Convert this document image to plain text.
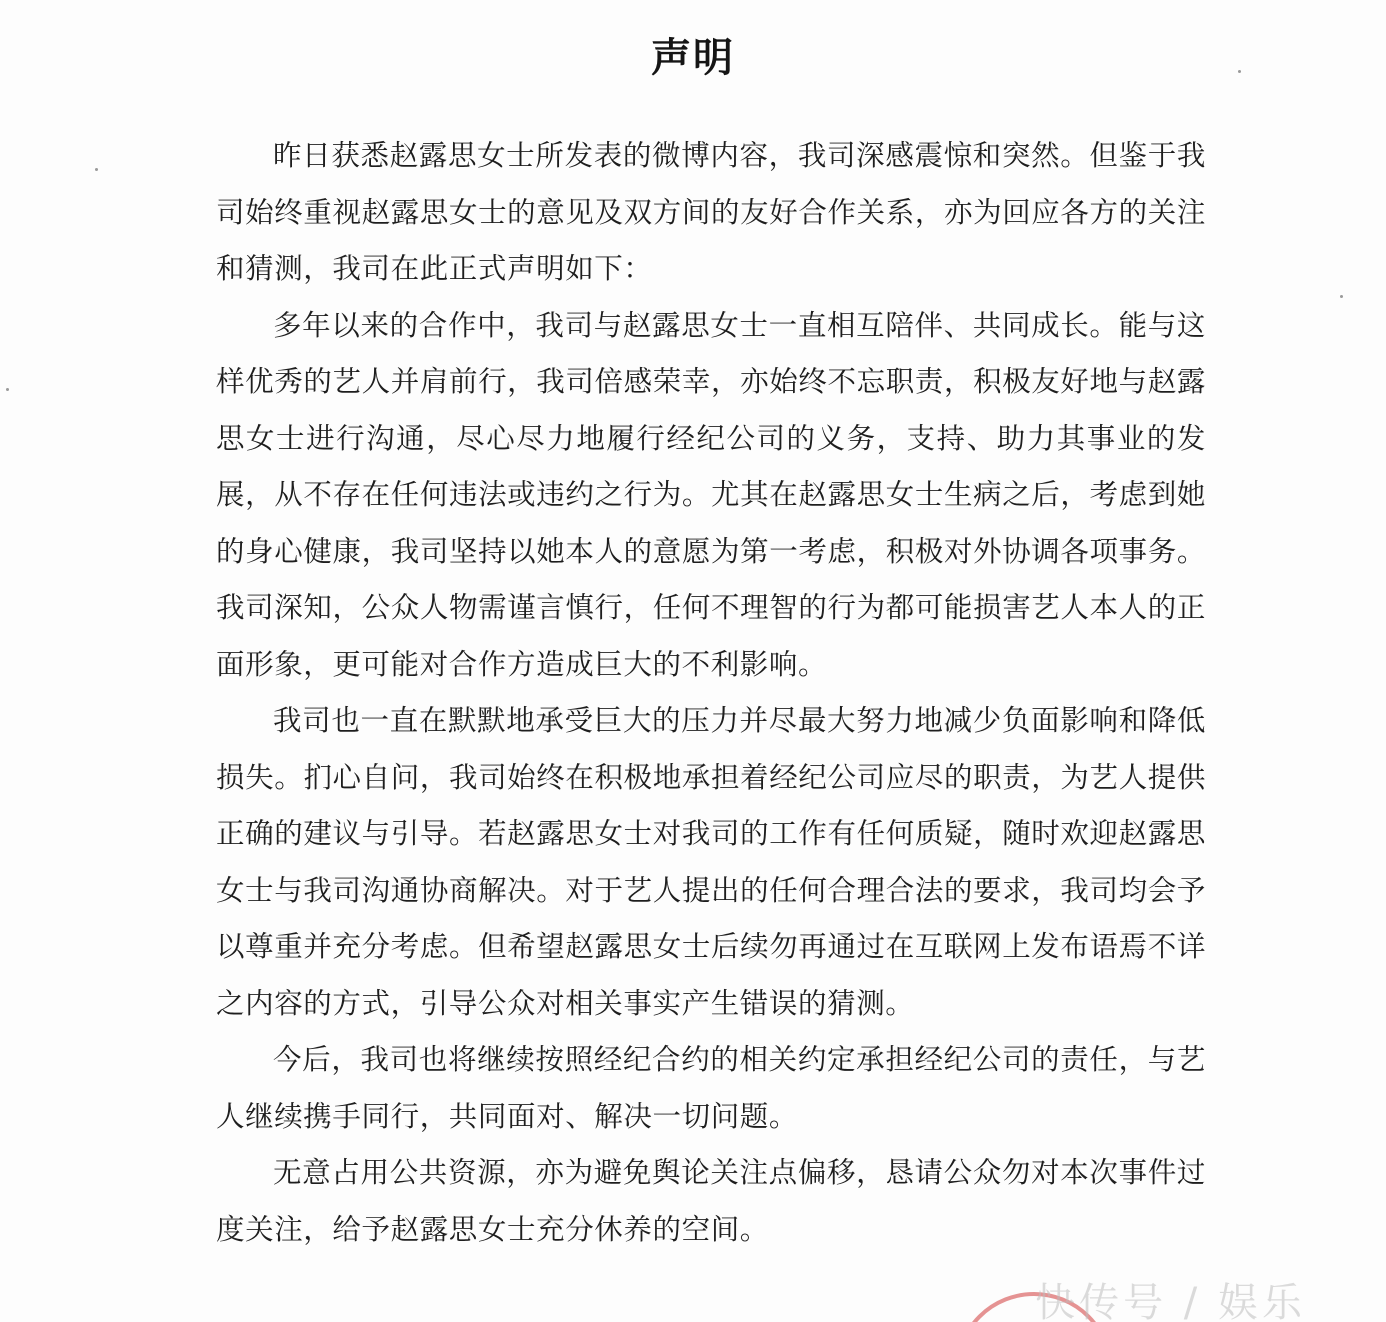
声明

昨日获悉赵露思女士所发表的微博内容，我司深感震惊和突然。但鉴于我司始终重视赵露思女士的意见及双方间的友好合作关系，亦为回应各方的关注和猜测，我司在此正式声明如下：

多年以来的合作中，我司与赵露思女士一直相互陪伴、共同成长。能与这样优秀的艺人并肩前行，我司倍感荣幸，亦始终不忘职责，积极友好地与赵露思女士进行沟通，尽心尽力地履行经纪公司的义务，支持、助力其事业的发展，从不存在任何违法或违约之行为。尤其在赵露思女士生病之后，考虑到她的身心健康，我司坚持以她本人的意愿为第一考虑，积极对外协调各项事务。我司深知，公众人物需谨言慎行，任何不理智的行为都可能损害艺人本人的正面形象，更可能对合作方造成巨大的不利影响。

我司也一直在默默地承受巨大的压力并尽最大努力地减少负面影响和降低损失。扪心自问，我司始终在积极地承担着经纪公司应尽的职责，为艺人提供正确的建议与引导。若赵露思女士对我司的工作有任何质疑，随时欢迎赵露思女士与我司沟通协商解决。对于艺人提出的任何合理合法的要求，我司均会予以尊重并充分考虑。但希望赵露思女士后续勿再通过在互联网上发布语焉不详之内容的方式，引导公众对相关事实产生错误的猜测。

今后，我司也将继续按照经纪合约的相关约定承担经纪公司的责任，与艺人继续携手同行，共同面对、解决一切问题。

无意占用公共资源，亦为避免舆论关注点偏移，恳请公众勿对本次事件过度关注，给予赵露思女士充分休养的空间。

快传号 / 娱乐
